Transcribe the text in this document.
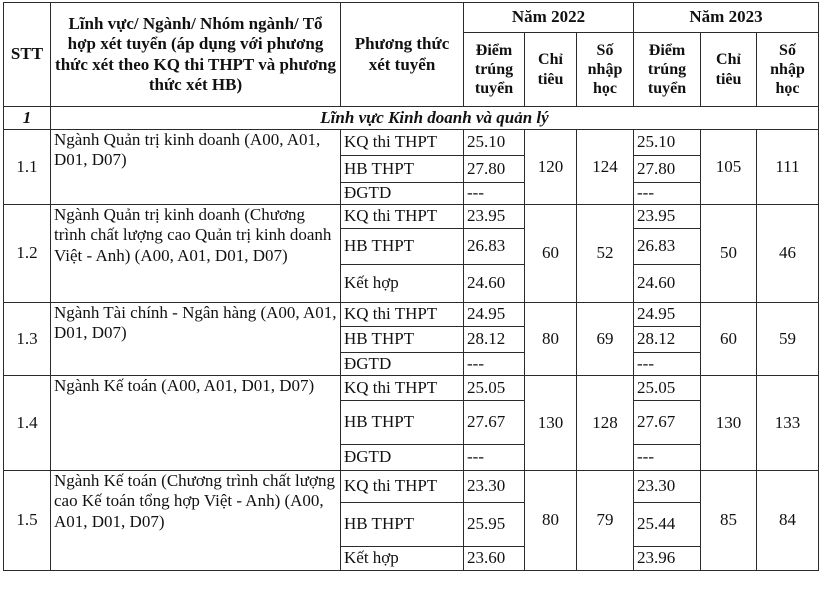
STT	Lĩnh vực/ Ngành/ Nhóm ngành/ Tổ hợp xét tuyển (áp dụng với phương thức xét theo KQ thi THPT và phương thức xét HB)	Phương thức xét tuyển	Năm 2022			Năm 2023		
			Điểm trúng tuyển	Chỉ tiêu	Số nhập học	Điểm trúng tuyển	Chỉ tiêu	Số nhập học
1	Lĩnh vực Kinh doanh và quản lý							
1.1	Ngành Quản trị kinh doanh (A00, A01, D01, D07)	KQ thi THPT	25.10	120	124	25.10	105	111
		HB THPT	27.80			27.80		
		ĐGTD	---			---		
1.2	Ngành Quản trị kinh doanh (Chương trình chất lượng cao Quản trị kinh doanh Việt - Anh) (A00, A01, D01, D07)	KQ thi THPT	23.95	60	52	23.95	50	46
		HB THPT	26.83			26.83		
		Kết hợp	24.60			24.60		
1.3	Ngành Tài chính - Ngân hàng (A00, A01, D01, D07)	KQ thi THPT	24.95	80	69	24.95	60	59
		HB THPT	28.12			28.12		
		ĐGTD	---			---		
1.4	Ngành Kế toán (A00, A01, D01, D07)	KQ thi THPT	25.05	130	128	25.05	130	133
		HB THPT	27.67			27.67		
		ĐGTD	---			---		
1.5	Ngành Kế toán (Chương trình chất lượng cao Kế toán tổng hợp Việt - Anh) (A00, A01, D01, D07)	KQ thi THPT	23.30	80	79	23.30	85	84
		HB THPT	25.95			25.44		
		Kết hợp	23.60			23.96		
